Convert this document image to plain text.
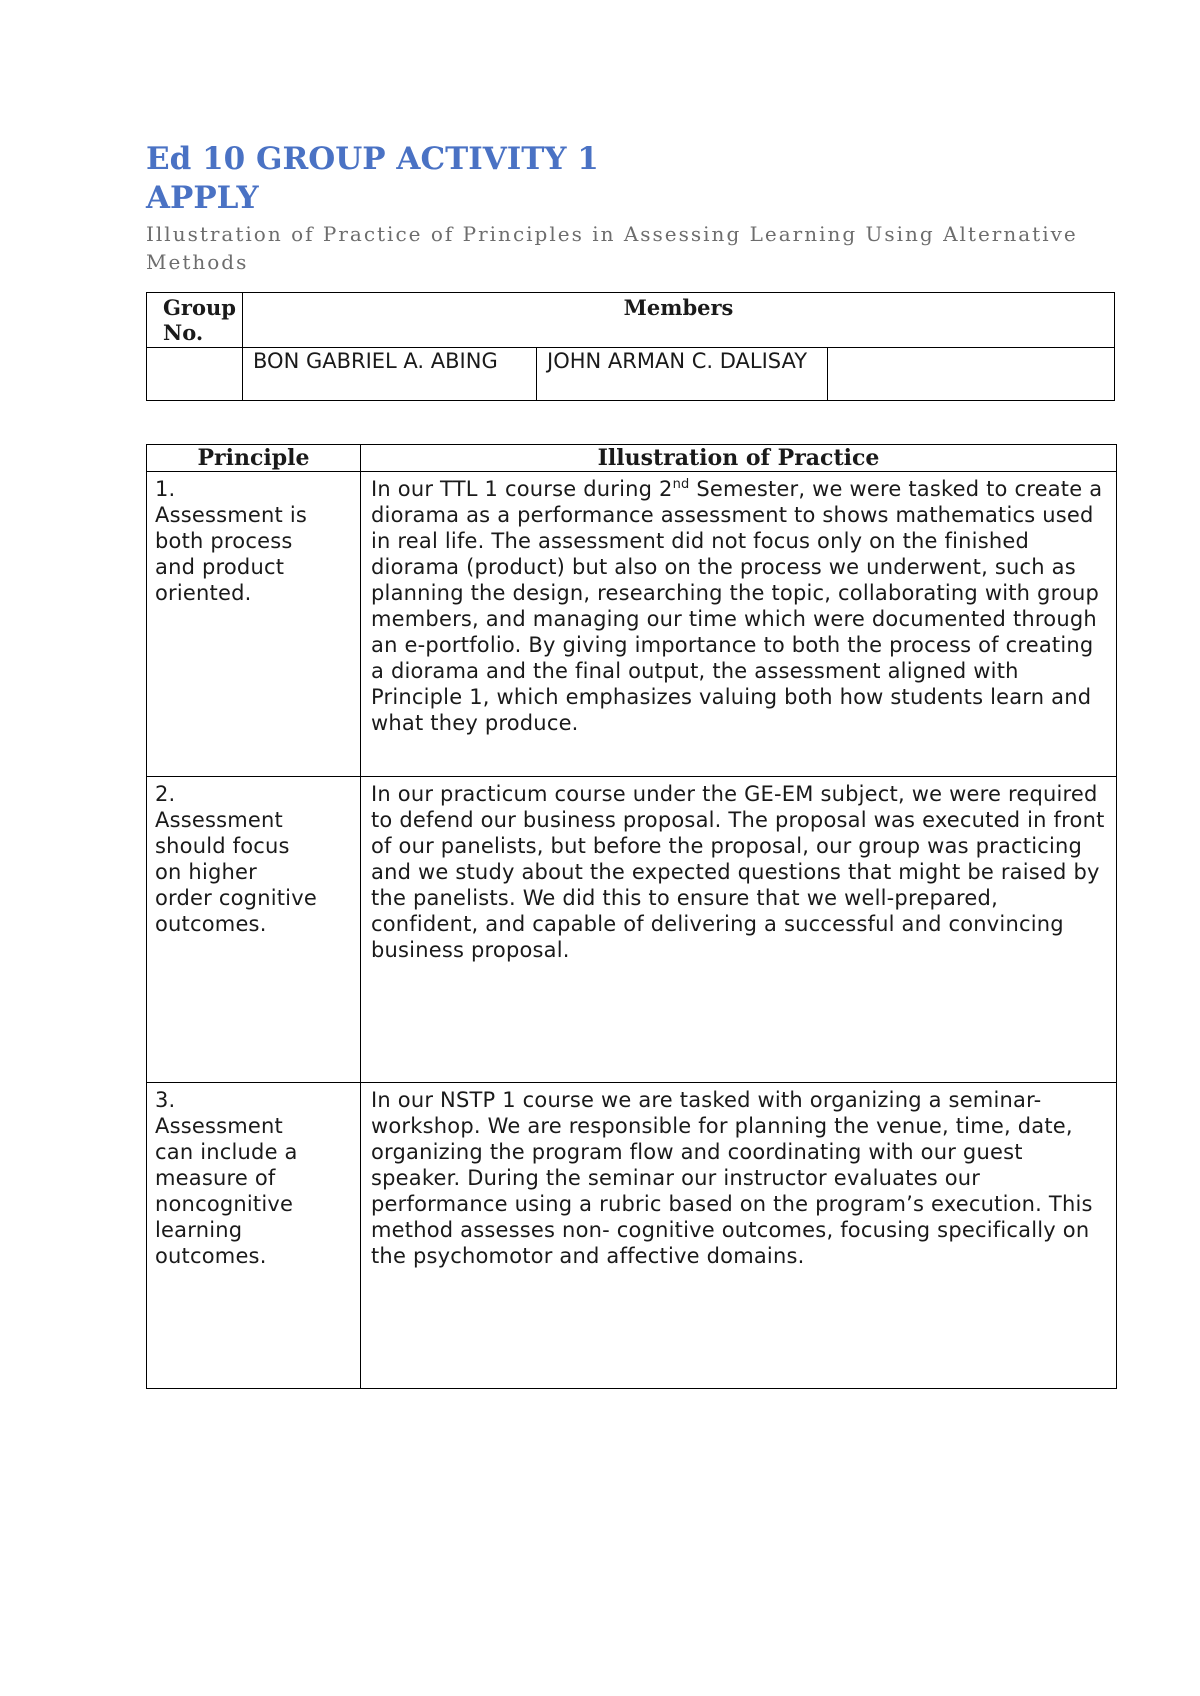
Ed 10 GROUP ACTIVITY 1
APPLY

Illustration of Practice of Principles in Assessing Learning Using Alternative Methods

Group No.	Members		
	BON GABRIEL A. ABING	JOHN ARMAN C. DALISAY	
Principle	Illustration of Practice
1.Assessment is both process and product oriented.	In our TTL 1 course during 2nd Semester, we were tasked to create a diorama as a performance assessment to shows mathematics used in real life. The assessment did not focus only on the finished diorama (product) but also on the process we underwent, such as planning the design, researching the topic, collaborating with group members, and managing our time which were documented through an e-portfolio. By giving importance to both the process of creating a diorama and the final output, the assessment aligned with Principle 1, which emphasizes valuing both how students learn and what they produce.
2.Assessment should focus on higher order cognitive outcomes.	In our practicum course under the GE-EM subject, we were required to defend our business proposal. The proposal was executed in front of our panelists, but before the proposal, our group was practicing and we study about the expected questions that might be raised by the panelists. We did this to ensure that we well-prepared, confident, and capable of delivering a successful and convincing business proposal.
3.Assessment can include a measure of noncognitive learning outcomes.	In our NSTP 1 course we are tasked with organizing a seminar-workshop. We are responsible for planning the venue, time, date, organizing the program flow and coordinating with our guest speaker. During the seminar our instructor evaluates our performance using a rubric based on the program’s execution. This method assesses non- cognitive outcomes, focusing specifically on the psychomotor and affective domains.
